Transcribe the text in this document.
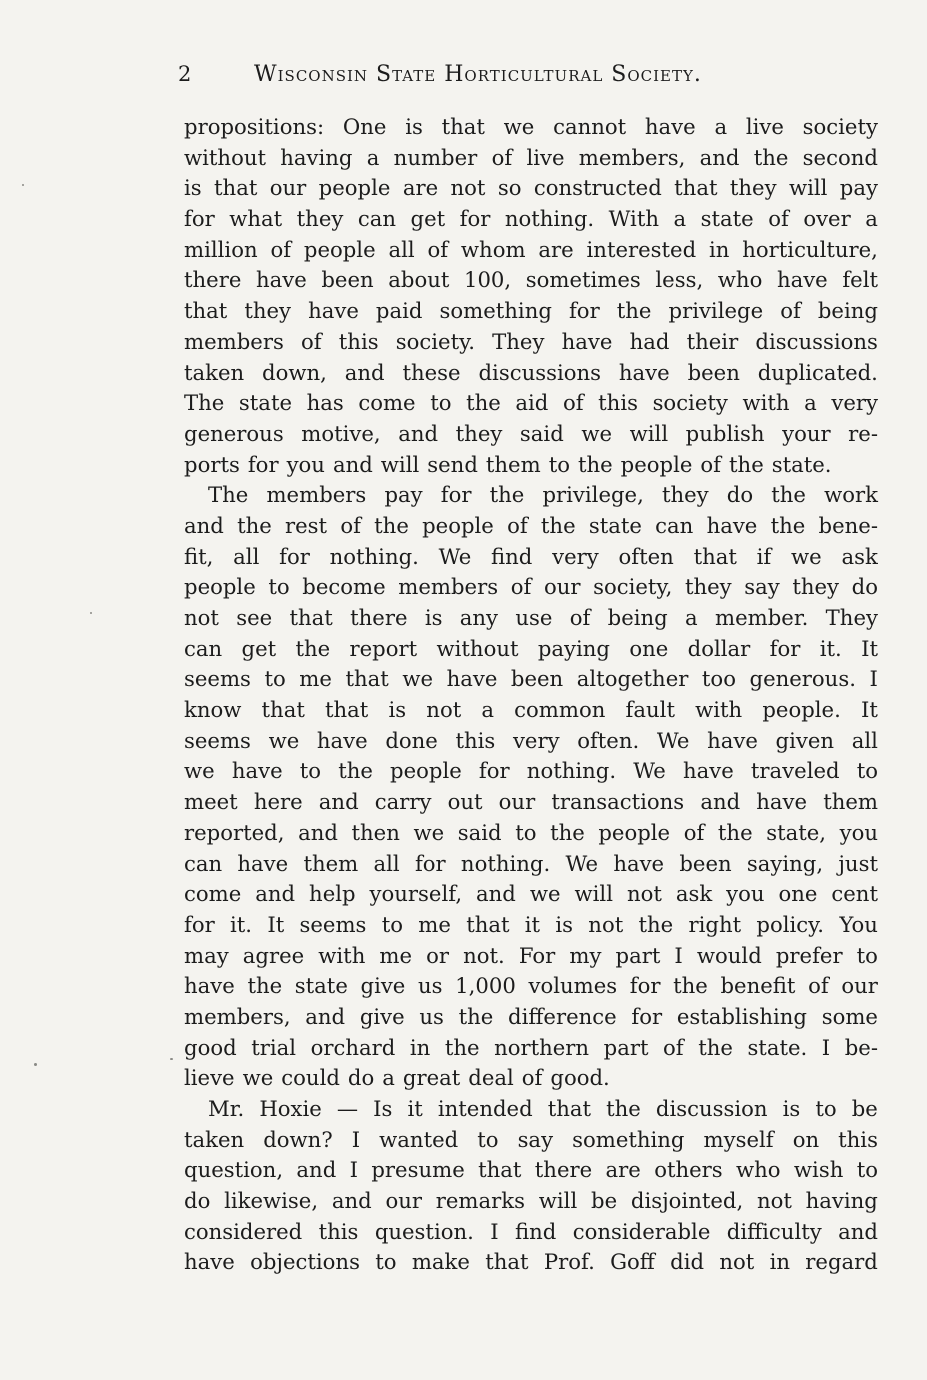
2	Wisconsin State Horticultural Society.
propositions: One is that we cannot have a live society
without having a number of live members, and the second
is that our people are not so constructed that they will pay
for what they can get for nothing. With a state of over a
million of people all of whom are interested in horticulture,
there have been about 100, sometimes less, who have felt
that they have paid something for the privilege of being
members of this society. They have had their discussions
taken down, and these discussions have been duplicated.
The state has come to the aid of this society with a very
generous motive, and they said we will publish your re-
ports for you and will send them to the people of the state.
The members pay for the privilege, they do the work
and the rest of the people of the state can have the bene-
fit, all for nothing. We find very often that if we ask
people to become members of our society, they say they do
not see that there is any use of being a member. They
can get the report without paying one dollar for it. It
seems to me that we have been altogether too generous. I
know that that is not a common fault with people. It
seems we have done this very often. We have given all
we have to the people for nothing. We have traveled to
meet here and carry out our transactions and have them
reported, and then we said to the people of the state, you
can have them all for nothing. We have been saying, just
come and help yourself, and we will not ask you one cent
for it. It seems to me that it is not the right policy. You
may agree with me or not. For my part I would prefer to
have the state give us 1,000 volumes for the benefit of our
members, and give us the difference for establishing some
good trial orchard in the northern part of the state. I be-
lieve we could do a great deal of good.
Mr. Hoxie — Is it intended that the discussion is to be
taken down? I wanted to say something myself on this
question, and I presume that there are others who wish to
do likewise, and our remarks will be disjointed, not having
considered this question. I find considerable difficulty and
have objections to make that Prof. Goff did not in regard
